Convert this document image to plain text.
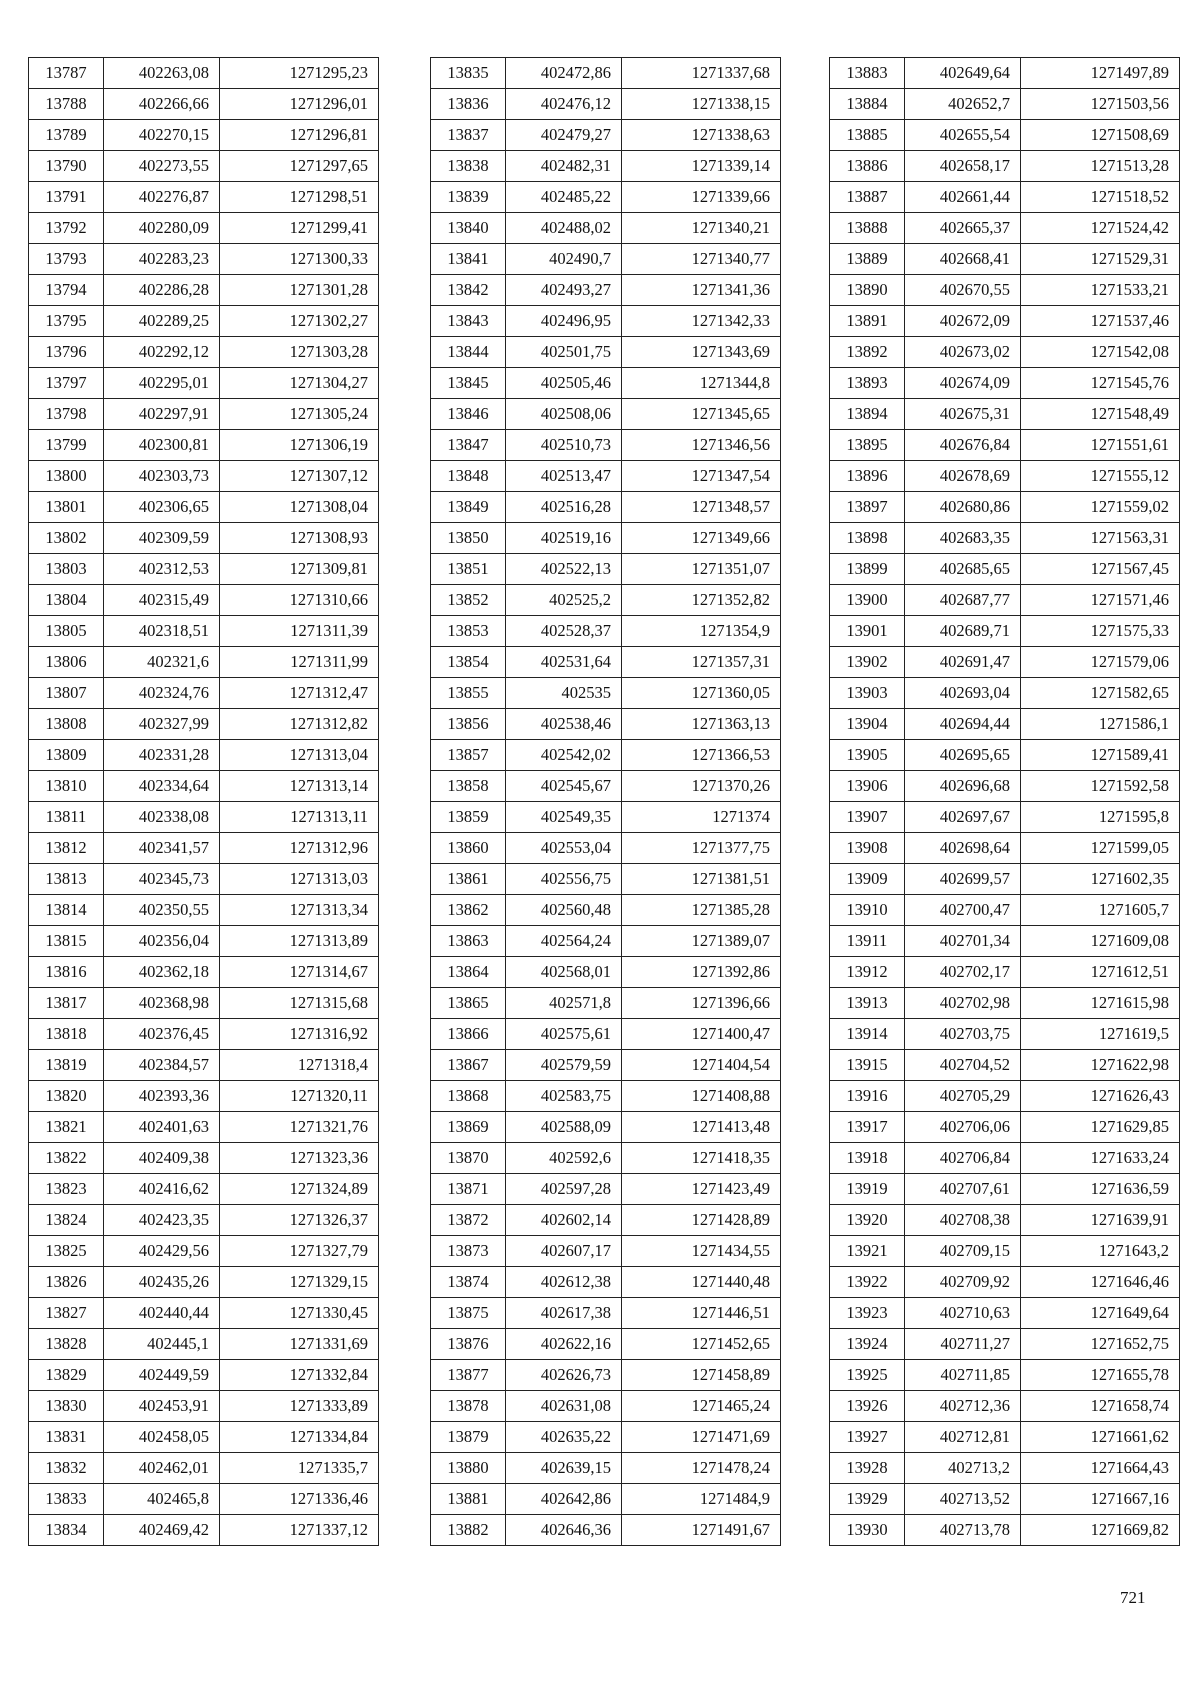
13787	402263,08	1271295,23
13788	402266,66	1271296,01
13789	402270,15	1271296,81
13790	402273,55	1271297,65
13791	402276,87	1271298,51
13792	402280,09	1271299,41
13793	402283,23	1271300,33
13794	402286,28	1271301,28
13795	402289,25	1271302,27
13796	402292,12	1271303,28
13797	402295,01	1271304,27
13798	402297,91	1271305,24
13799	402300,81	1271306,19
13800	402303,73	1271307,12
13801	402306,65	1271308,04
13802	402309,59	1271308,93
13803	402312,53	1271309,81
13804	402315,49	1271310,66
13805	402318,51	1271311,39
13806	402321,6	1271311,99
13807	402324,76	1271312,47
13808	402327,99	1271312,82
13809	402331,28	1271313,04
13810	402334,64	1271313,14
13811	402338,08	1271313,11
13812	402341,57	1271312,96
13813	402345,73	1271313,03
13814	402350,55	1271313,34
13815	402356,04	1271313,89
13816	402362,18	1271314,67
13817	402368,98	1271315,68
13818	402376,45	1271316,92
13819	402384,57	1271318,4
13820	402393,36	1271320,11
13821	402401,63	1271321,76
13822	402409,38	1271323,36
13823	402416,62	1271324,89
13824	402423,35	1271326,37
13825	402429,56	1271327,79
13826	402435,26	1271329,15
13827	402440,44	1271330,45
13828	402445,1	1271331,69
13829	402449,59	1271332,84
13830	402453,91	1271333,89
13831	402458,05	1271334,84
13832	402462,01	1271335,7
13833	402465,8	1271336,46
13834	402469,42	1271337,12
13835	402472,86	1271337,68
13836	402476,12	1271338,15
13837	402479,27	1271338,63
13838	402482,31	1271339,14
13839	402485,22	1271339,66
13840	402488,02	1271340,21
13841	402490,7	1271340,77
13842	402493,27	1271341,36
13843	402496,95	1271342,33
13844	402501,75	1271343,69
13845	402505,46	1271344,8
13846	402508,06	1271345,65
13847	402510,73	1271346,56
13848	402513,47	1271347,54
13849	402516,28	1271348,57
13850	402519,16	1271349,66
13851	402522,13	1271351,07
13852	402525,2	1271352,82
13853	402528,37	1271354,9
13854	402531,64	1271357,31
13855	402535	1271360,05
13856	402538,46	1271363,13
13857	402542,02	1271366,53
13858	402545,67	1271370,26
13859	402549,35	1271374
13860	402553,04	1271377,75
13861	402556,75	1271381,51
13862	402560,48	1271385,28
13863	402564,24	1271389,07
13864	402568,01	1271392,86
13865	402571,8	1271396,66
13866	402575,61	1271400,47
13867	402579,59	1271404,54
13868	402583,75	1271408,88
13869	402588,09	1271413,48
13870	402592,6	1271418,35
13871	402597,28	1271423,49
13872	402602,14	1271428,89
13873	402607,17	1271434,55
13874	402612,38	1271440,48
13875	402617,38	1271446,51
13876	402622,16	1271452,65
13877	402626,73	1271458,89
13878	402631,08	1271465,24
13879	402635,22	1271471,69
13880	402639,15	1271478,24
13881	402642,86	1271484,9
13882	402646,36	1271491,67
13883	402649,64	1271497,89
13884	402652,7	1271503,56
13885	402655,54	1271508,69
13886	402658,17	1271513,28
13887	402661,44	1271518,52
13888	402665,37	1271524,42
13889	402668,41	1271529,31
13890	402670,55	1271533,21
13891	402672,09	1271537,46
13892	402673,02	1271542,08
13893	402674,09	1271545,76
13894	402675,31	1271548,49
13895	402676,84	1271551,61
13896	402678,69	1271555,12
13897	402680,86	1271559,02
13898	402683,35	1271563,31
13899	402685,65	1271567,45
13900	402687,77	1271571,46
13901	402689,71	1271575,33
13902	402691,47	1271579,06
13903	402693,04	1271582,65
13904	402694,44	1271586,1
13905	402695,65	1271589,41
13906	402696,68	1271592,58
13907	402697,67	1271595,8
13908	402698,64	1271599,05
13909	402699,57	1271602,35
13910	402700,47	1271605,7
13911	402701,34	1271609,08
13912	402702,17	1271612,51
13913	402702,98	1271615,98
13914	402703,75	1271619,5
13915	402704,52	1271622,98
13916	402705,29	1271626,43
13917	402706,06	1271629,85
13918	402706,84	1271633,24
13919	402707,61	1271636,59
13920	402708,38	1271639,91
13921	402709,15	1271643,2
13922	402709,92	1271646,46
13923	402710,63	1271649,64
13924	402711,27	1271652,75
13925	402711,85	1271655,78
13926	402712,36	1271658,74
13927	402712,81	1271661,62
13928	402713,2	1271664,43
13929	402713,52	1271667,16
13930	402713,78	1271669,82
721
